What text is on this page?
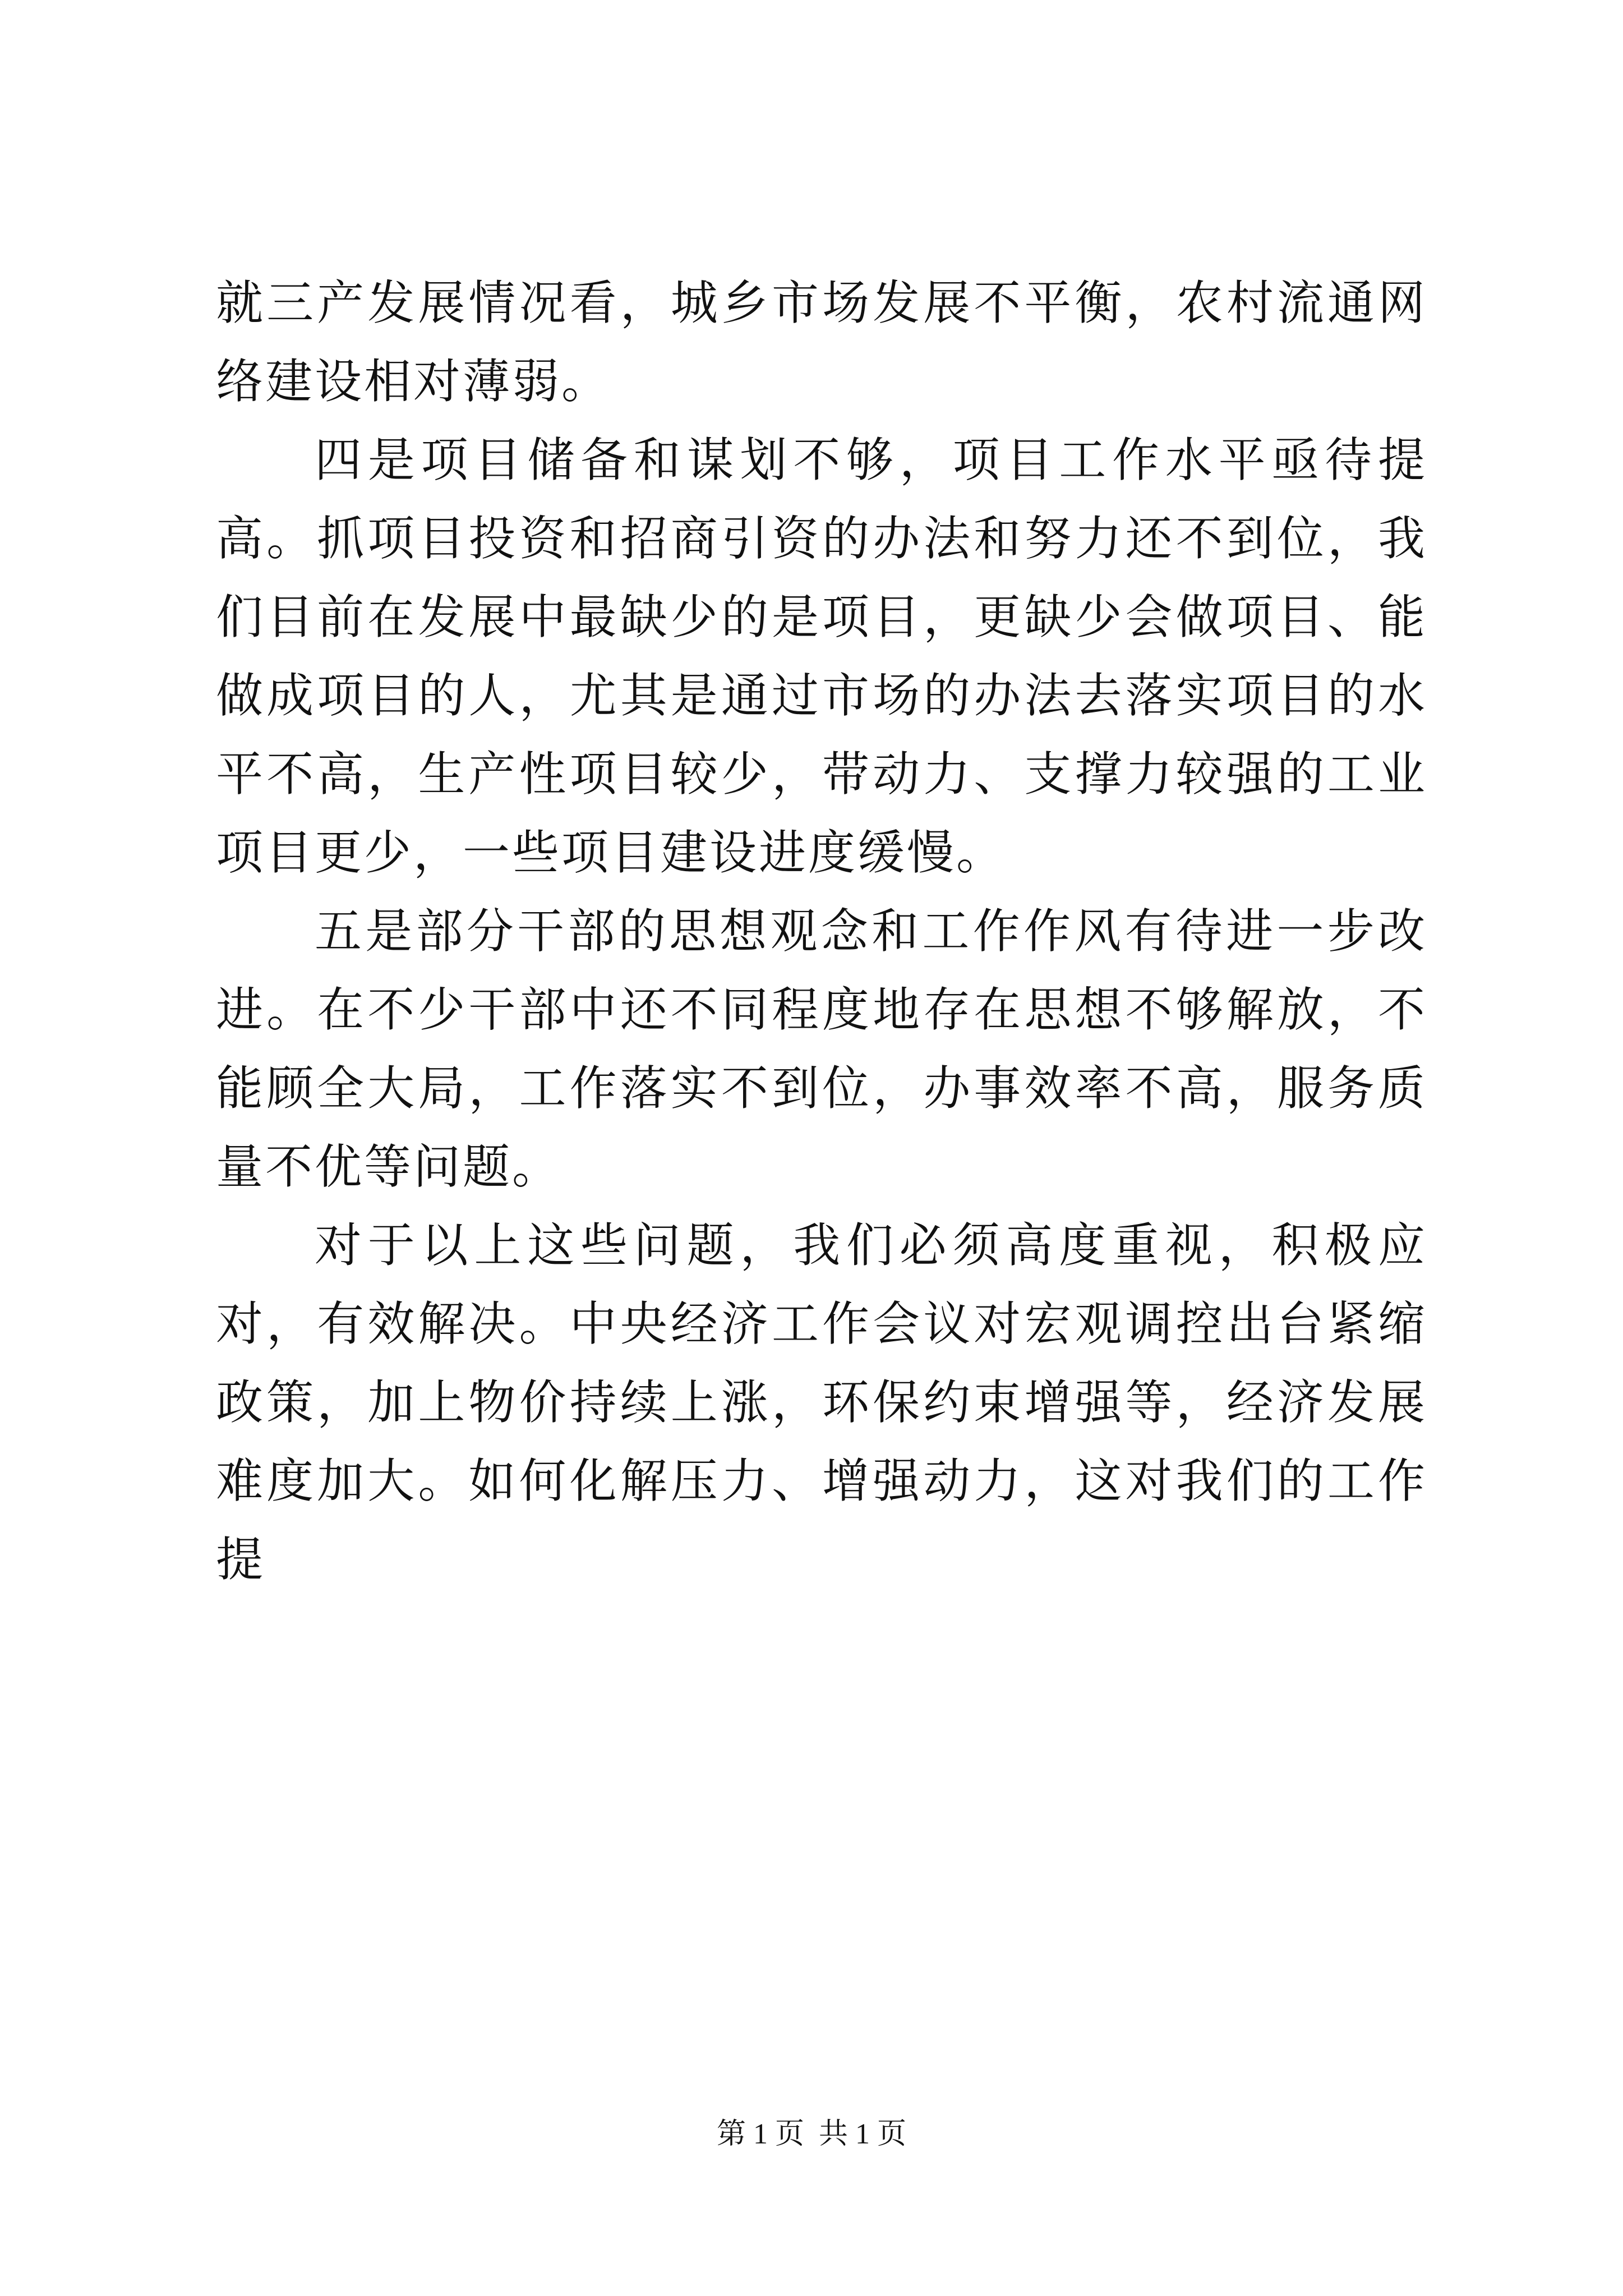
就三产发展情况看，城乡市场发展不平衡，农村流通网络建设相对薄弱。

四是项目储备和谋划不够，项目工作水平亟待提高。抓项目投资和招商引资的办法和努力还不到位，我们目前在发展中最缺少的是项目，更缺少会做项目、能做成项目的人，尤其是通过市场的办法去落实项目的水平不高，生产性项目较少，带动力、支撑力较强的工业项目更少，一些项目建设进度缓慢。

五是部分干部的思想观念和工作作风有待进一步改进。在不少干部中还不同程度地存在思想不够解放，不能顾全大局，工作落实不到位，办事效率不高，服务质量不优等问题。

对于以上这些问题，我们必须高度重视，积极应对，有效解决。中央经济工作会议对宏观调控出台紧缩政策，加上物价持续上涨，环保约束增强等，经济发展难度加大。如何化解压力、增强动力，这对我们的工作提

第 1 页  共 1 页
